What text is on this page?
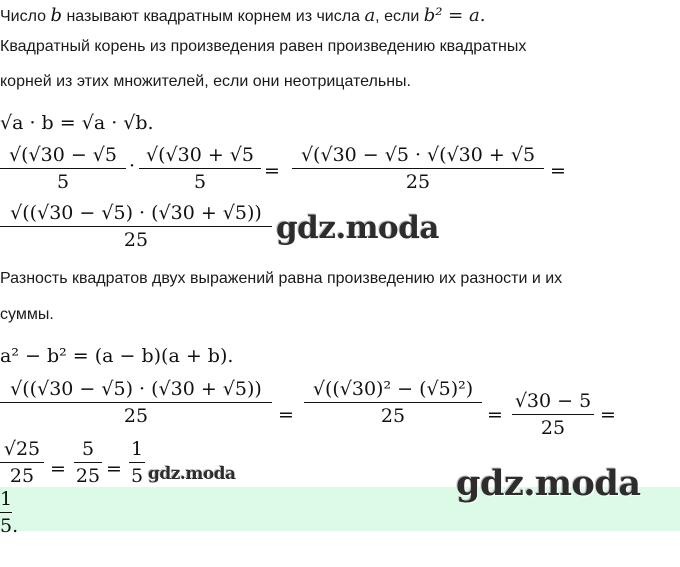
Число b называют квадратным корнем из числа a, если b² = a.
Квадратный корень из произведения равен произведению квадратных
корней из этих множителей, если они неотрицательны.
√a · b = √a · √b.
√(√30 − √5
5
· √(√30 + √5
5	=
√(√30 − √5 · √(√30 + √5
25	=
√((√30 − √5) · (√30 + √5))
25	gdz.moda
Разность квадратов двух выражений равна произведению их разности и их
суммы.
a² − b² = (a − b)(a + b).
√((√30 − √5) · (√30 + √5))
25	=
√((√30)² − (√5)²)
25	=
√30 − 5
25
=
√25
25 =
5
25 =
1
5 gdz.moda	gdz.moda
1
5.
